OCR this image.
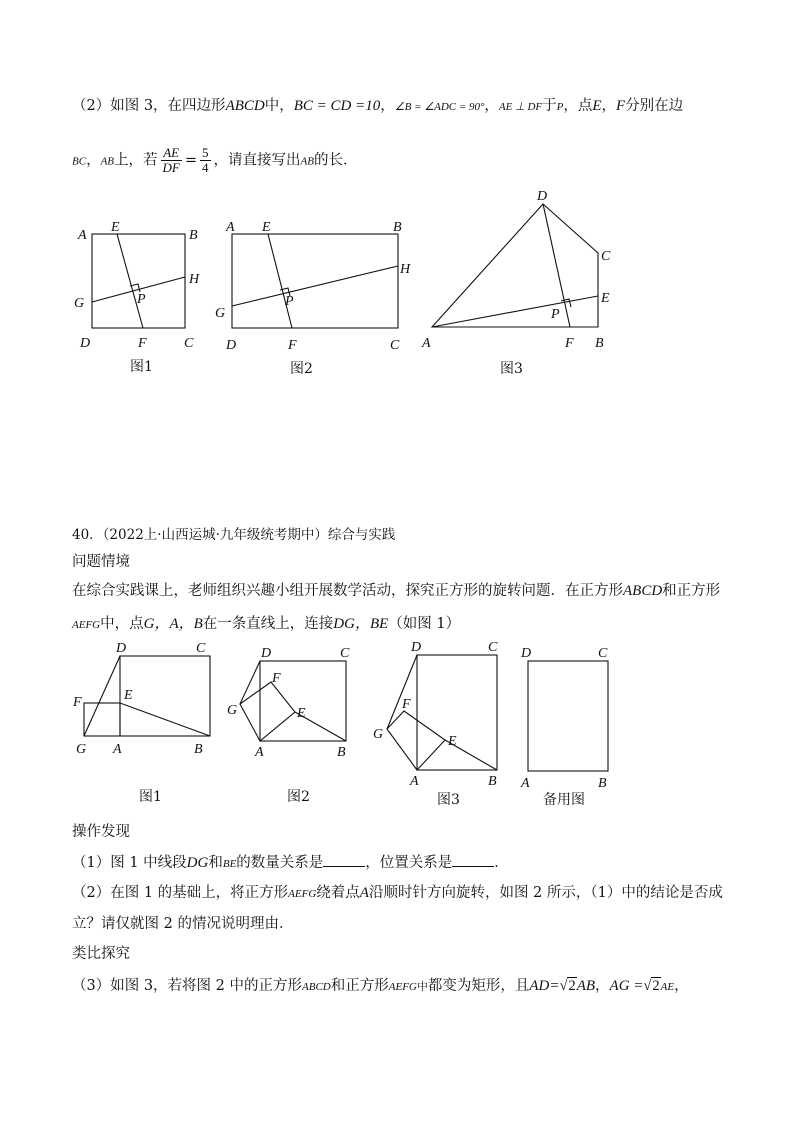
（2）如图 3，在四边形ABCD中，BC = CD =10，∠B = ∠ADC = 90°，AE ⊥ DF于P，点E，F分别在边
BC，AB上，若 $\frac{AE}{DF} = \frac{5}{4}$ ，请直接写出AB的长．
A
E
B
H
G	P
D	F	C
图1
A E	B
H
G
P
D	F	C
图2
D
C
E
P
A	F B
图3
40．（2022上·山西运城·九年级统考期中）综合与实践
问题情境
在综合实践课上，老师组织兴趣小组开展数学活动，探究正方形的旋转问题．在正方形ABCD和正方形
AEFG中，点G，A，B在一条直线上，连接DG，BE（如图 1）
D	C
F	E
G A	B
图1
D	C
F
G	E
A	B
图2
D	C
F
G	E
A	B
图3
D	C
A	B
备用图
操作发现
（1）图 1 中线段DG和BE的数量关系是	，位置关系是	．
（2）在图 1 的基础上，将正方形AEFG绕着点A沿顺时针方向旋转，如图 2 所示，（1）中的结论是否成
立？请仅就图 2 的情况说明理由．
类比探究
（3）如图 3，若将图 2 中的正方形ABCD和正方形AEFG中都变为矩形，且AD=√2AB，AG =√2AE，
